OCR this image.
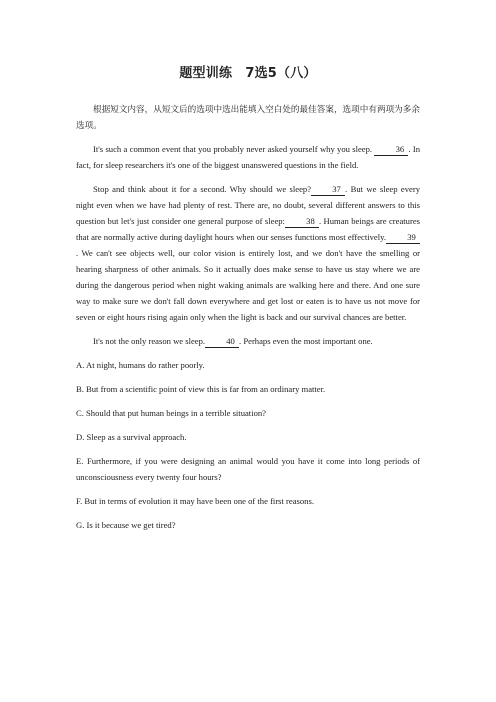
题型训练　7选5（八）

根据短文内容，从短文后的选项中选出能填入空白处的最佳答案，选项中有两项为多余选项。

It's such a common event that you probably never asked yourself why you sleep. 36 . In fact, for sleep researchers it's one of the biggest unanswered questions in the field.

Stop and think about it for a second. Why should we sleep? 37 . But we sleep every night even when we have had plenty of rest. There are, no doubt, several different answers to this question but let's just consider one general purpose of sleep: 38 . Human beings are creatures that are normally active during daylight hours when our senses functions most effectively. 39. We can't see objects well, our color vision is entirely lost, and we don't have the smelling or hearing sharpness of other animals. So it actually does make sense to have us stay where we are during the dangerous period when night waking animals are walking here and there. And one sure way to make sure we don't fall down everywhere and get lost or eaten is to have us not move for seven or eight hours rising again only when the light is back and our survival chances are better.

It's not the only reason we sleep. 40 . Perhaps even the most important one.

A. At night, humans do rather poorly.

B. But from a scientific point of view this is far from an ordinary matter.

C. Should that put human beings in a terrible situation?

D. Sleep as a survival approach.

E. Furthermore, if you were designing an animal would you have it come into long periods of unconsciousness every twenty four hours?

F. But in terms of evolution it may have been one of the first reasons.

G. Is it because we get tired?
